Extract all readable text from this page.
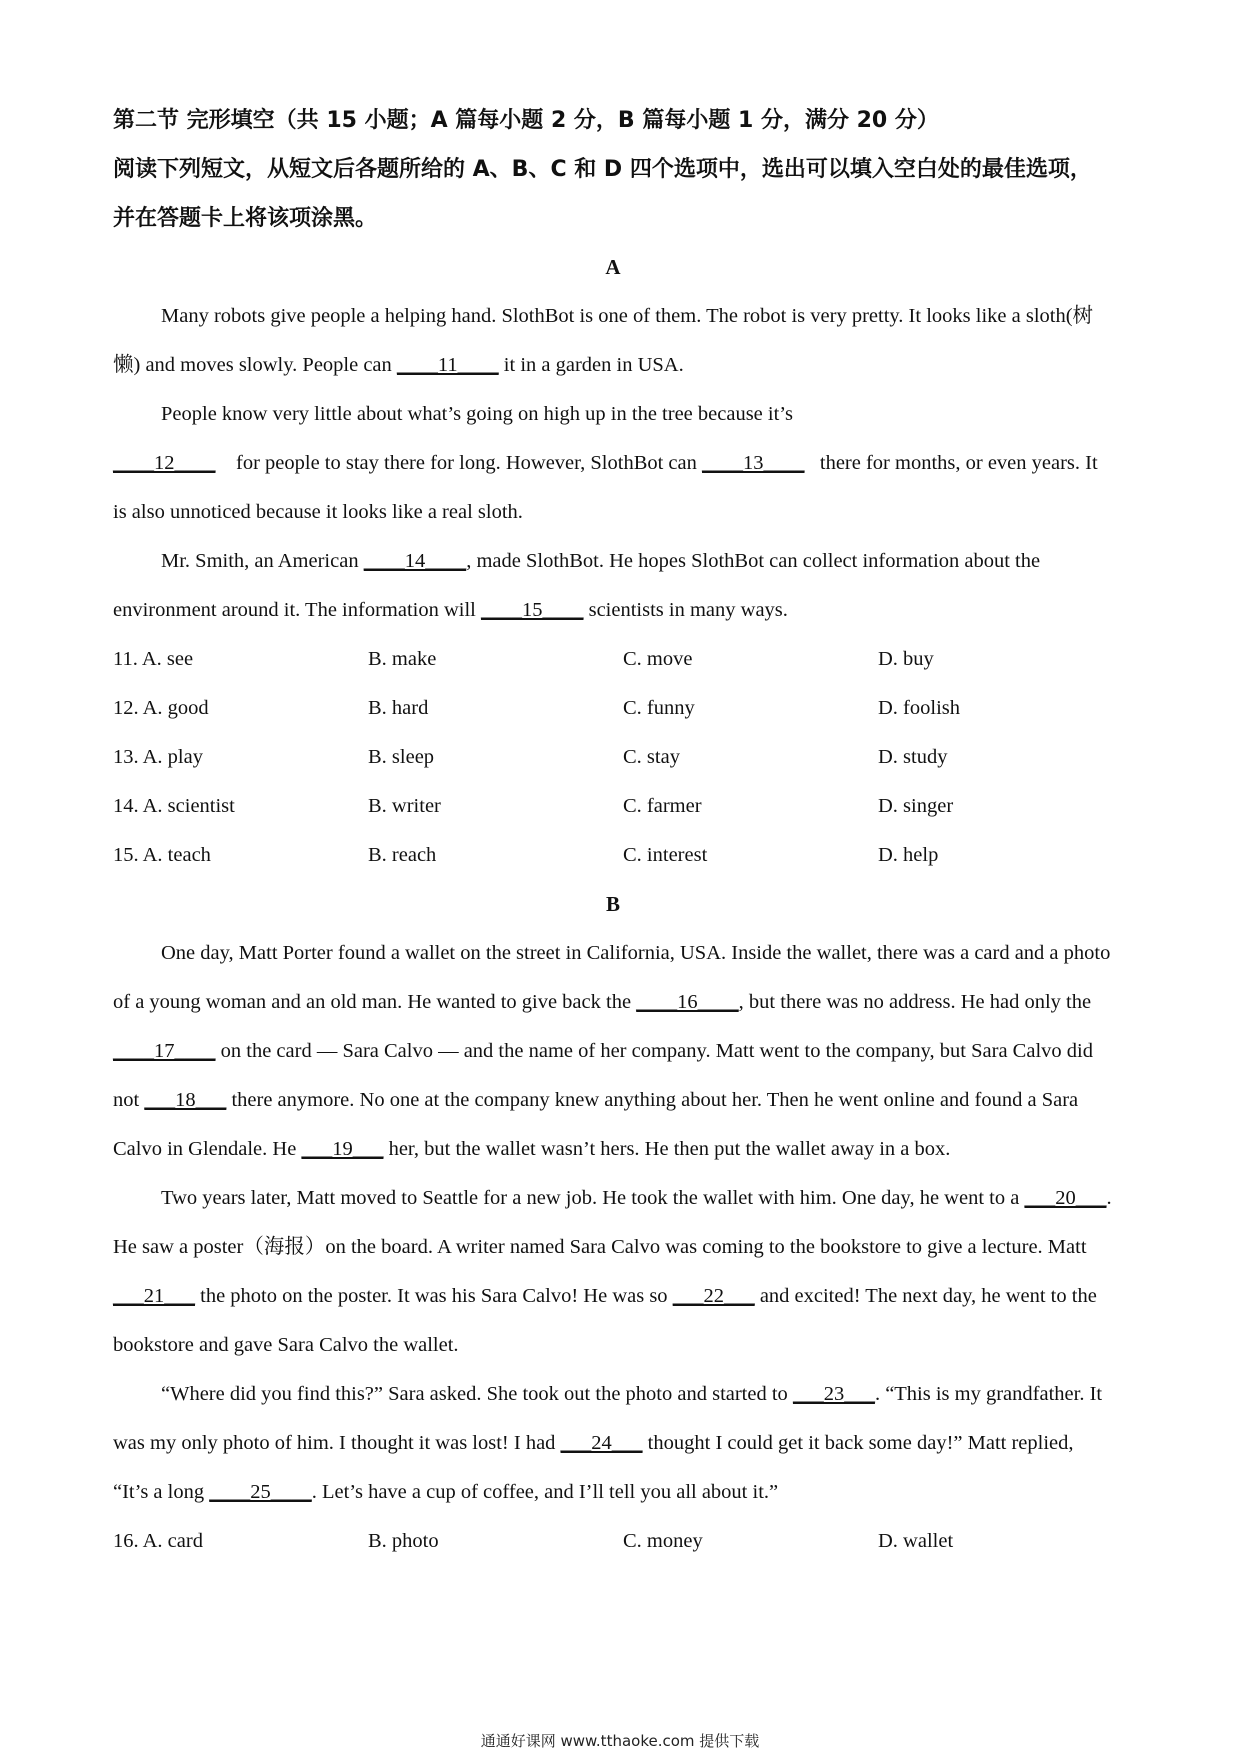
第二节 完形填空（共 15 小题；A 篇每小题 2 分，B 篇每小题 1 分，满分 20 分）

阅读下列短文，从短文后各题所给的 A、B、C 和 D 四个选项中，选出可以填入空白处的最佳选项，并在答题卡上将该项涂黑。

A

Many robots give people a helping hand. SlothBot is one of them. The robot is very pretty. It looks like a sloth(树懒) and moves slowly. People can ____11____ it in a garden in USA.

People know very little about what’s going on high up in the tree because it’s ____12____    for people to stay there for long. However, SlothBot can ____13____   there for months, or even years. It is also unnoticed because it looks like a real sloth.

Mr. Smith, an American ____14____, made SlothBot. He hopes SlothBot can collect information about the environment around it. The information will ____15____ scientists in many ways.

11. A. see	B. make	C. move	D. buy
12. A. good	B. hard	C. funny	D. foolish
13. A. play	B. sleep	C. stay	D. study
14. A. scientist	B. writer	C. farmer	D. singer
15. A. teach	B. reach	C. interest	D. help

B

One day, Matt Porter found a wallet on the street in California, USA. Inside the wallet, there was a card and a photo of a young woman and an old man. He wanted to give back the ____16____, but there was no address. He had only the ____17____ on the card — Sara Calvo — and the name of her company. Matt went to the company, but Sara Calvo did not ___18___ there anymore. No one at the company knew anything about her. Then he went online and found a Sara Calvo in Glendale. He ___19___ her, but the wallet wasn’t hers. He then put the wallet away in a box.

Two years later, Matt moved to Seattle for a new job. He took the wallet with him. One day, he went to a ___20___. He saw a poster（海报）on the board. A writer named Sara Calvo was coming to the bookstore to give a lecture. Matt ___21___ the photo on the poster. It was his Sara Calvo! He was so ___22___ and excited! The next day, he went to the bookstore and gave Sara Calvo the wallet.

“Where did you find this?” Sara asked. She took out the photo and started to ___23___. “This is my grandfather. It was my only photo of him. I thought it was lost! I had ___24___ thought I could get it back some day!” Matt replied, “It’s a long ____25____. Let’s have a cup of coffee, and I’ll tell you all about it.”

16. A. card	B. photo	C. money	D. wallet
通通好课网 www.tthaoke.com 提供下载
